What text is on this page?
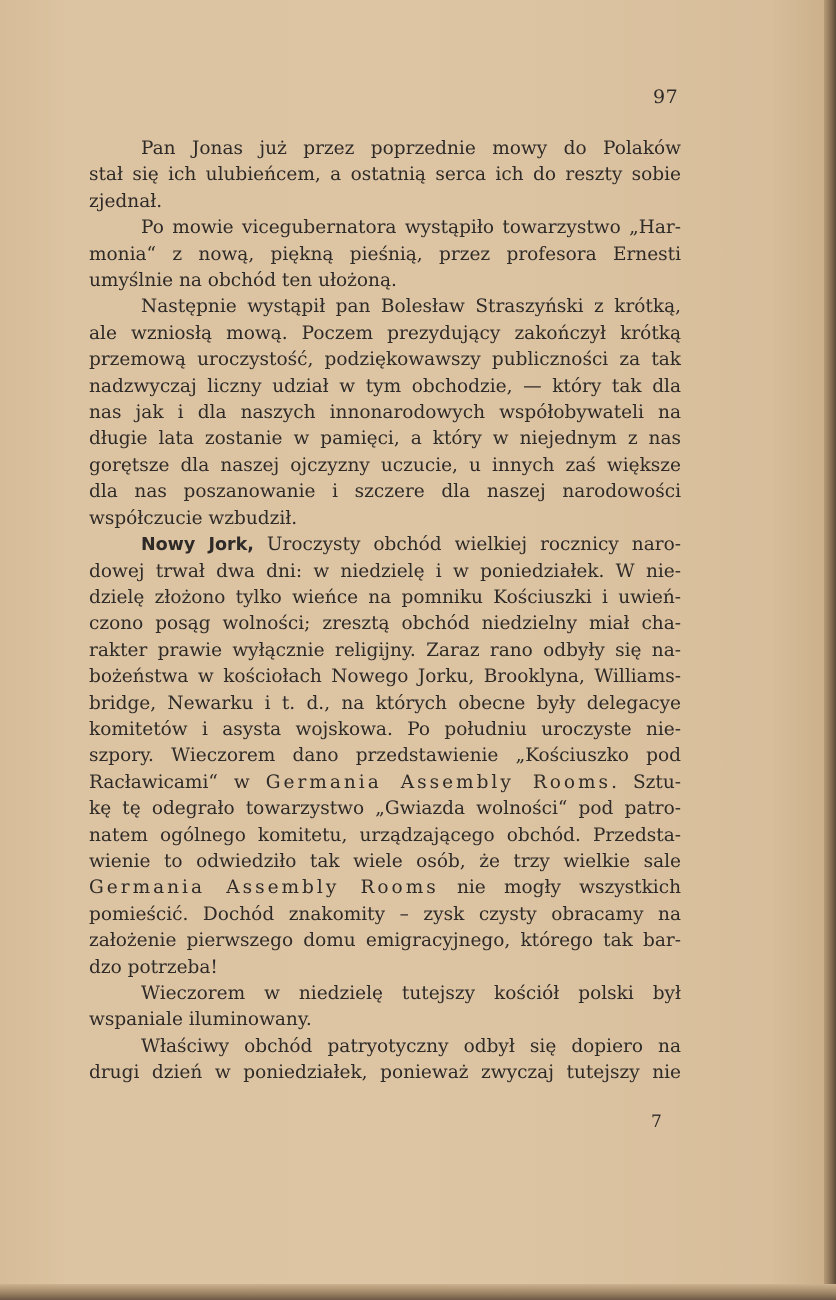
97
Pan Jonas już przez poprzednie mowy do Polaków
stał się ich ulubieńcem, a ostatnią serca ich do reszty sobie
zjednał.
Po mowie vicegubernatora wystąpiło towarzystwo „Har-
monia“ z nową, piękną pieśnią, przez profesora Ernesti
umyślnie na obchód ten ułożoną.
Następnie wystąpił pan Bolesław Straszyński z krótką,
ale wzniosłą mową. Poczem prezydujący zakończył krótką
przemową uroczystość, podziękowawszy publiczności za tak
nadzwyczaj liczny udział w tym obchodzie, — który tak dla
nas jak i dla naszych innonarodowych współobywateli na
długie lata zostanie w pamięci, a który w niejednym z nas
gorętsze dla naszej ojczyzny uczucie, u innych zaś większe
dla nas poszanowanie i szczere dla naszej narodowości
współczucie wzbudził.
Nowy Jork, Uroczysty obchód wielkiej rocznicy naro-
dowej trwał dwa dni: w niedzielę i w poniedziałek. W nie-
dzielę złożono tylko wieńce na pomniku Kościuszki i uwień-
czono posąg wolności; zresztą obchód niedzielny miał cha-
rakter prawie wyłącznie religijny. Zaraz rano odbyły się na-
bożeństwa w kościołach Nowego Jorku, Brooklyna, Williams-
bridge, Newarku i t. d., na których obecne były delegacye
komitetów i asysta wojskowa. Po południu uroczyste nie-
szpory. Wieczorem dano przedstawienie „Kościuszko pod
Racławicami“ w Germania Assembly Rooms. Sztu-
kę tę odegrało towarzystwo „Gwiazda wolności“ pod patro-
natem ogólnego komitetu, urządzającego obchód. Przedsta-
wienie to odwiedziło tak wiele osób, że trzy wielkie sale
Germania Assembly Rooms nie mogły wszystkich
pomieścić. Dochód znakomity – zysk czysty obracamy na
założenie pierwszego domu emigracyjnego, którego tak bar-
dzo potrzeba!
Wieczorem w niedzielę tutejszy kościół polski był
wspaniale iluminowany.
Właściwy obchód patryotyczny odbył się dopiero na
drugi dzień w poniedziałek, ponieważ zwyczaj tutejszy nie
7
